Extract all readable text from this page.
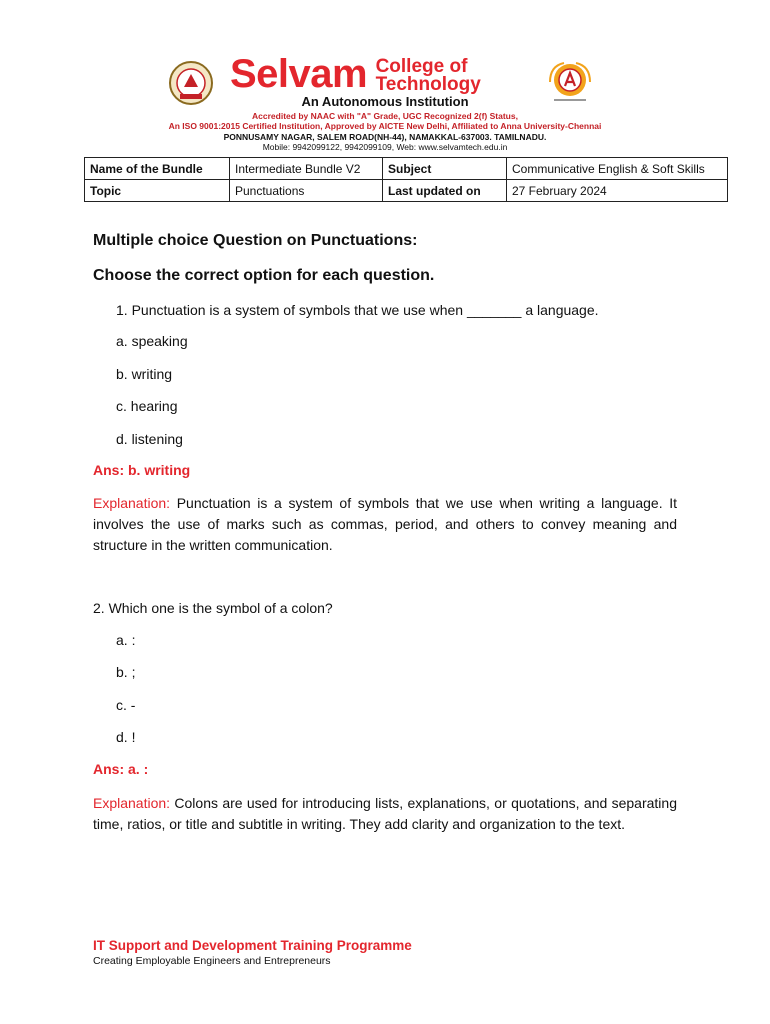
Selvam College of
Technology
An Autonomous Institution
Accredited by NAAC with "A" Grade, UGC Recognized 2(f) Status,
An ISO 9001:2015 Certified Institution, Approved by AICTE New Delhi, Affiliated to Anna University-Chennai
PONNUSAMY NAGAR, SALEM ROAD(NH-44), NAMAKKAL-637003. TAMILNADU.
Mobile: 9942099122, 9942099109, Web: www.selvamtech.edu.in
Name of the Bundle	Intermediate Bundle V2	Subject	Communicative English & Soft Skills
Topic	Punctuations	Last updated on	27 February 2024
Multiple choice Question on Punctuations:
Choose the correct option for each question.
1. Punctuation is a system of symbols that we use when _______ a language.
a. speaking
b. writing
c. hearing
d. listening
Ans: b. writing
Explanation: Punctuation is a system of symbols that we use when writing a language. It involves the use of marks such as commas, period, and others to convey meaning and structure in the written communication.
2. Which one is the symbol of a colon?
a. :
b. ;
c. -
d. !
Ans: a. :
Explanation: Colons are used for introducing lists, explanations, or quotations, and separating time, ratios, or title and subtitle in writing. They add clarity and organization to the text.
IT Support and Development Training Programme
Creating Employable Engineers and Entrepreneurs
